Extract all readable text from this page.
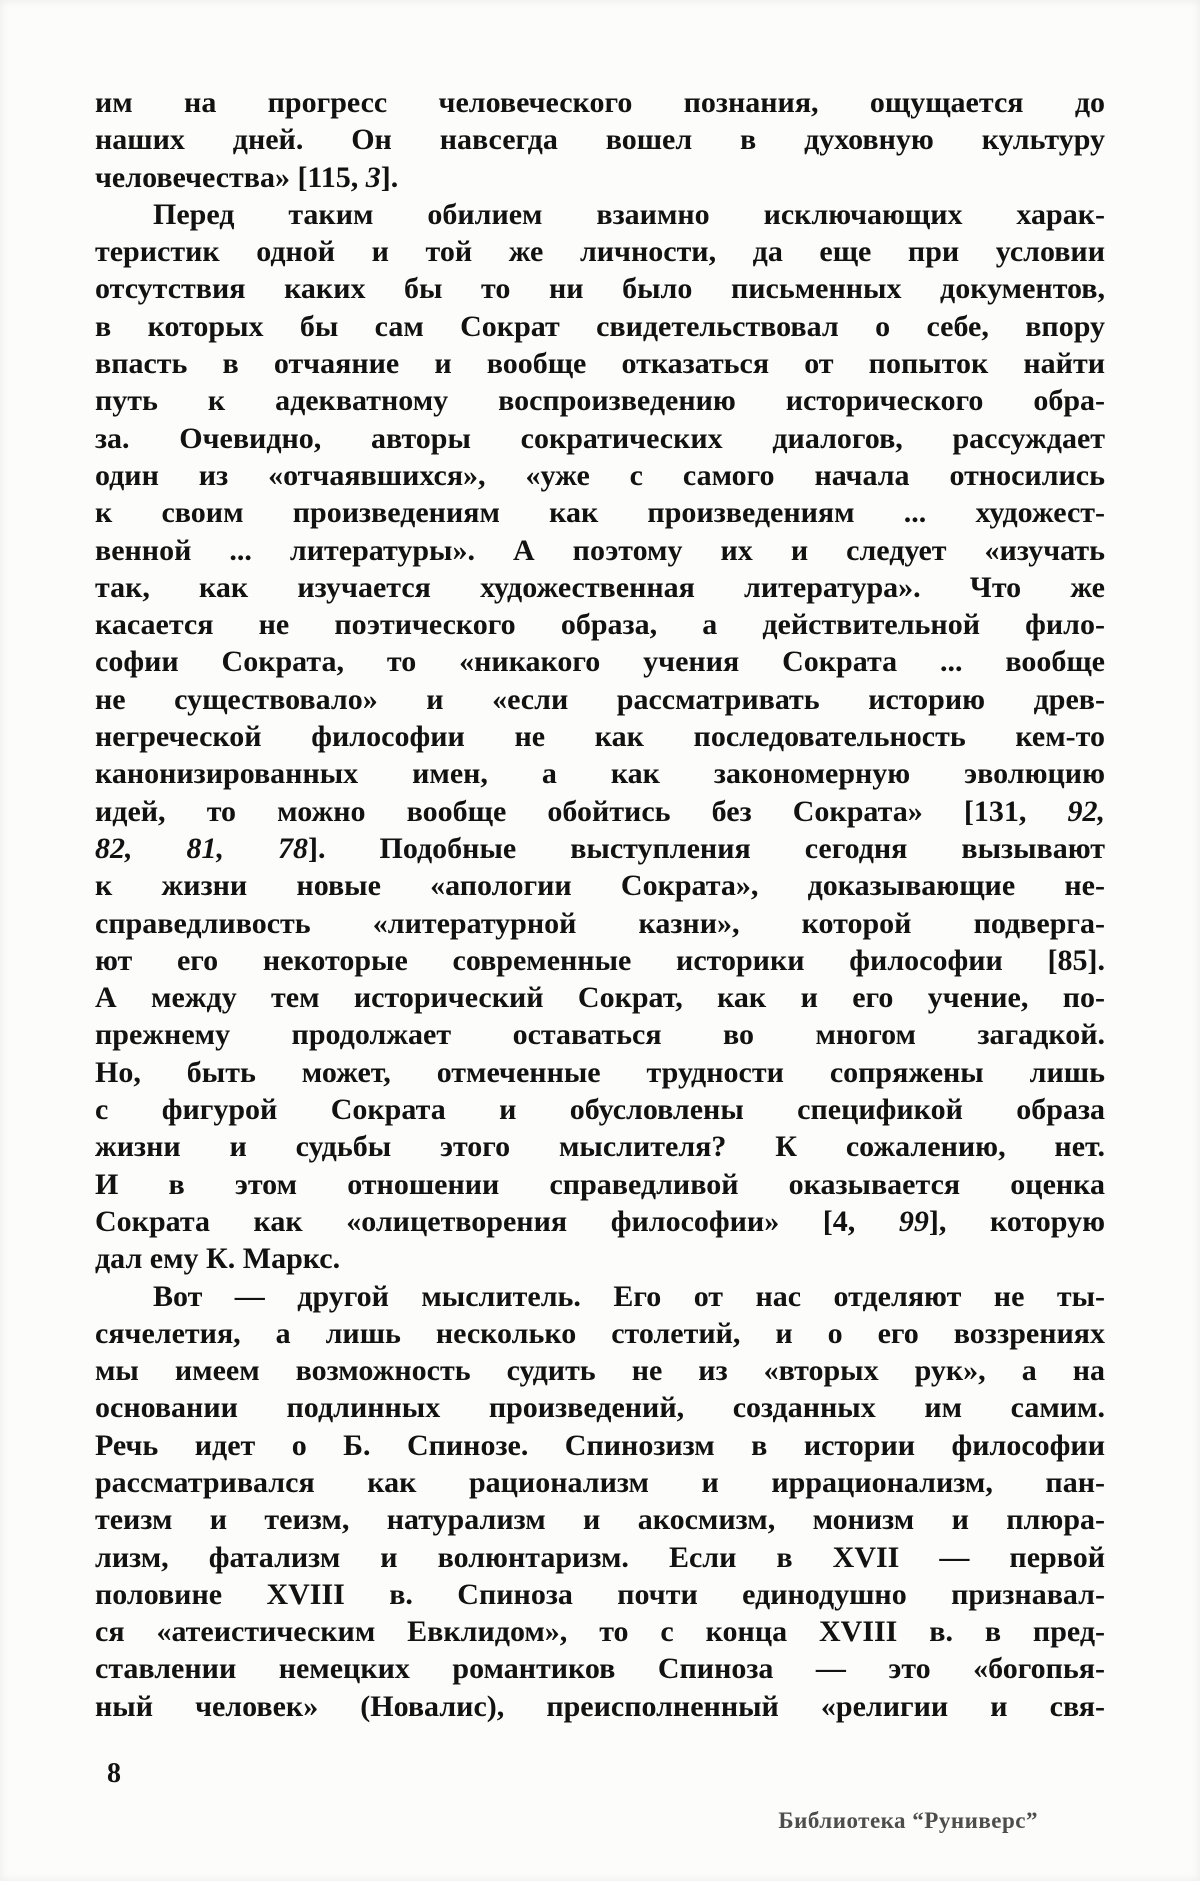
им на прогресс человеческого познания, ощущается до
наших дней. Он навсегда вошел в духовную культуру
человечества» [115, 3].
Перед таким обилием взаимно исключающих харак-
теристик одной и той же личности, да еще при условии
отсутствия каких бы то ни было письменных документов,
в которых бы сам Сократ свидетельствовал о себе, впору
впасть в отчаяние и вообще отказаться от попыток найти
путь к адекватному воспроизведению исторического обра-
за. Очевидно, авторы сократических диалогов, рассуждает
один из «отчаявшихся», «уже с самого начала относились
к своим произведениям как произведениям ... художест-
венной ... литературы». А поэтому их и следует «изучать
так, как изучается художественная литература». Что же
касается не поэтического образа, а действительной фило-
софии Сократа, то «никакого учения Сократа ... вообще
не существовало» и «если рассматривать историю древ-
негреческой философии не как последовательность кем-то
канонизированных имен, а как закономерную эволюцию
идей, то можно вообще обойтись без Сократа» [131, 92,
82, 81, 78]. Подобные выступления сегодня вызывают
к жизни новые «апологии Сократа», доказывающие не-
справедливость «литературной казни», которой подверга-
ют его некоторые современные историки философии [85].
А между тем исторический Сократ, как и его учение, по-
прежнему продолжает оставаться во многом загадкой.
Но, быть может, отмеченные трудности сопряжены лишь
с фигурой Сократа и обусловлены спецификой образа
жизни и судьбы этого мыслителя? К сожалению, нет.
И в этом отношении справедливой оказывается оценка
Сократа как «олицетворения философии» [4, 99], которую
дал ему К. Маркс.
Вот — другой мыслитель. Его от нас отделяют не ты-
сячелетия, а лишь несколько столетий, и о его воззрениях
мы имеем возможность судить не из «вторых рук», а на
основании подлинных произведений, созданных им самим.
Речь идет о Б. Спинозе. Спинозизм в истории философии
рассматривался как рационализм и иррационализм, пан-
теизм и теизм, натурализм и акосмизм, монизм и плюра-
лизм, фатализм и волюнтаризм. Если в XVII — первой
половине XVIII в. Спиноза почти единодушно признавал-
ся «атеистическим Евклидом», то с конца XVIII в. в пред-
ставлении немецких романтиков Спиноза — это «богопья-
ный человек» (Новалис), преисполненный «религии и свя-
8
Библиотека “Руниверс”
